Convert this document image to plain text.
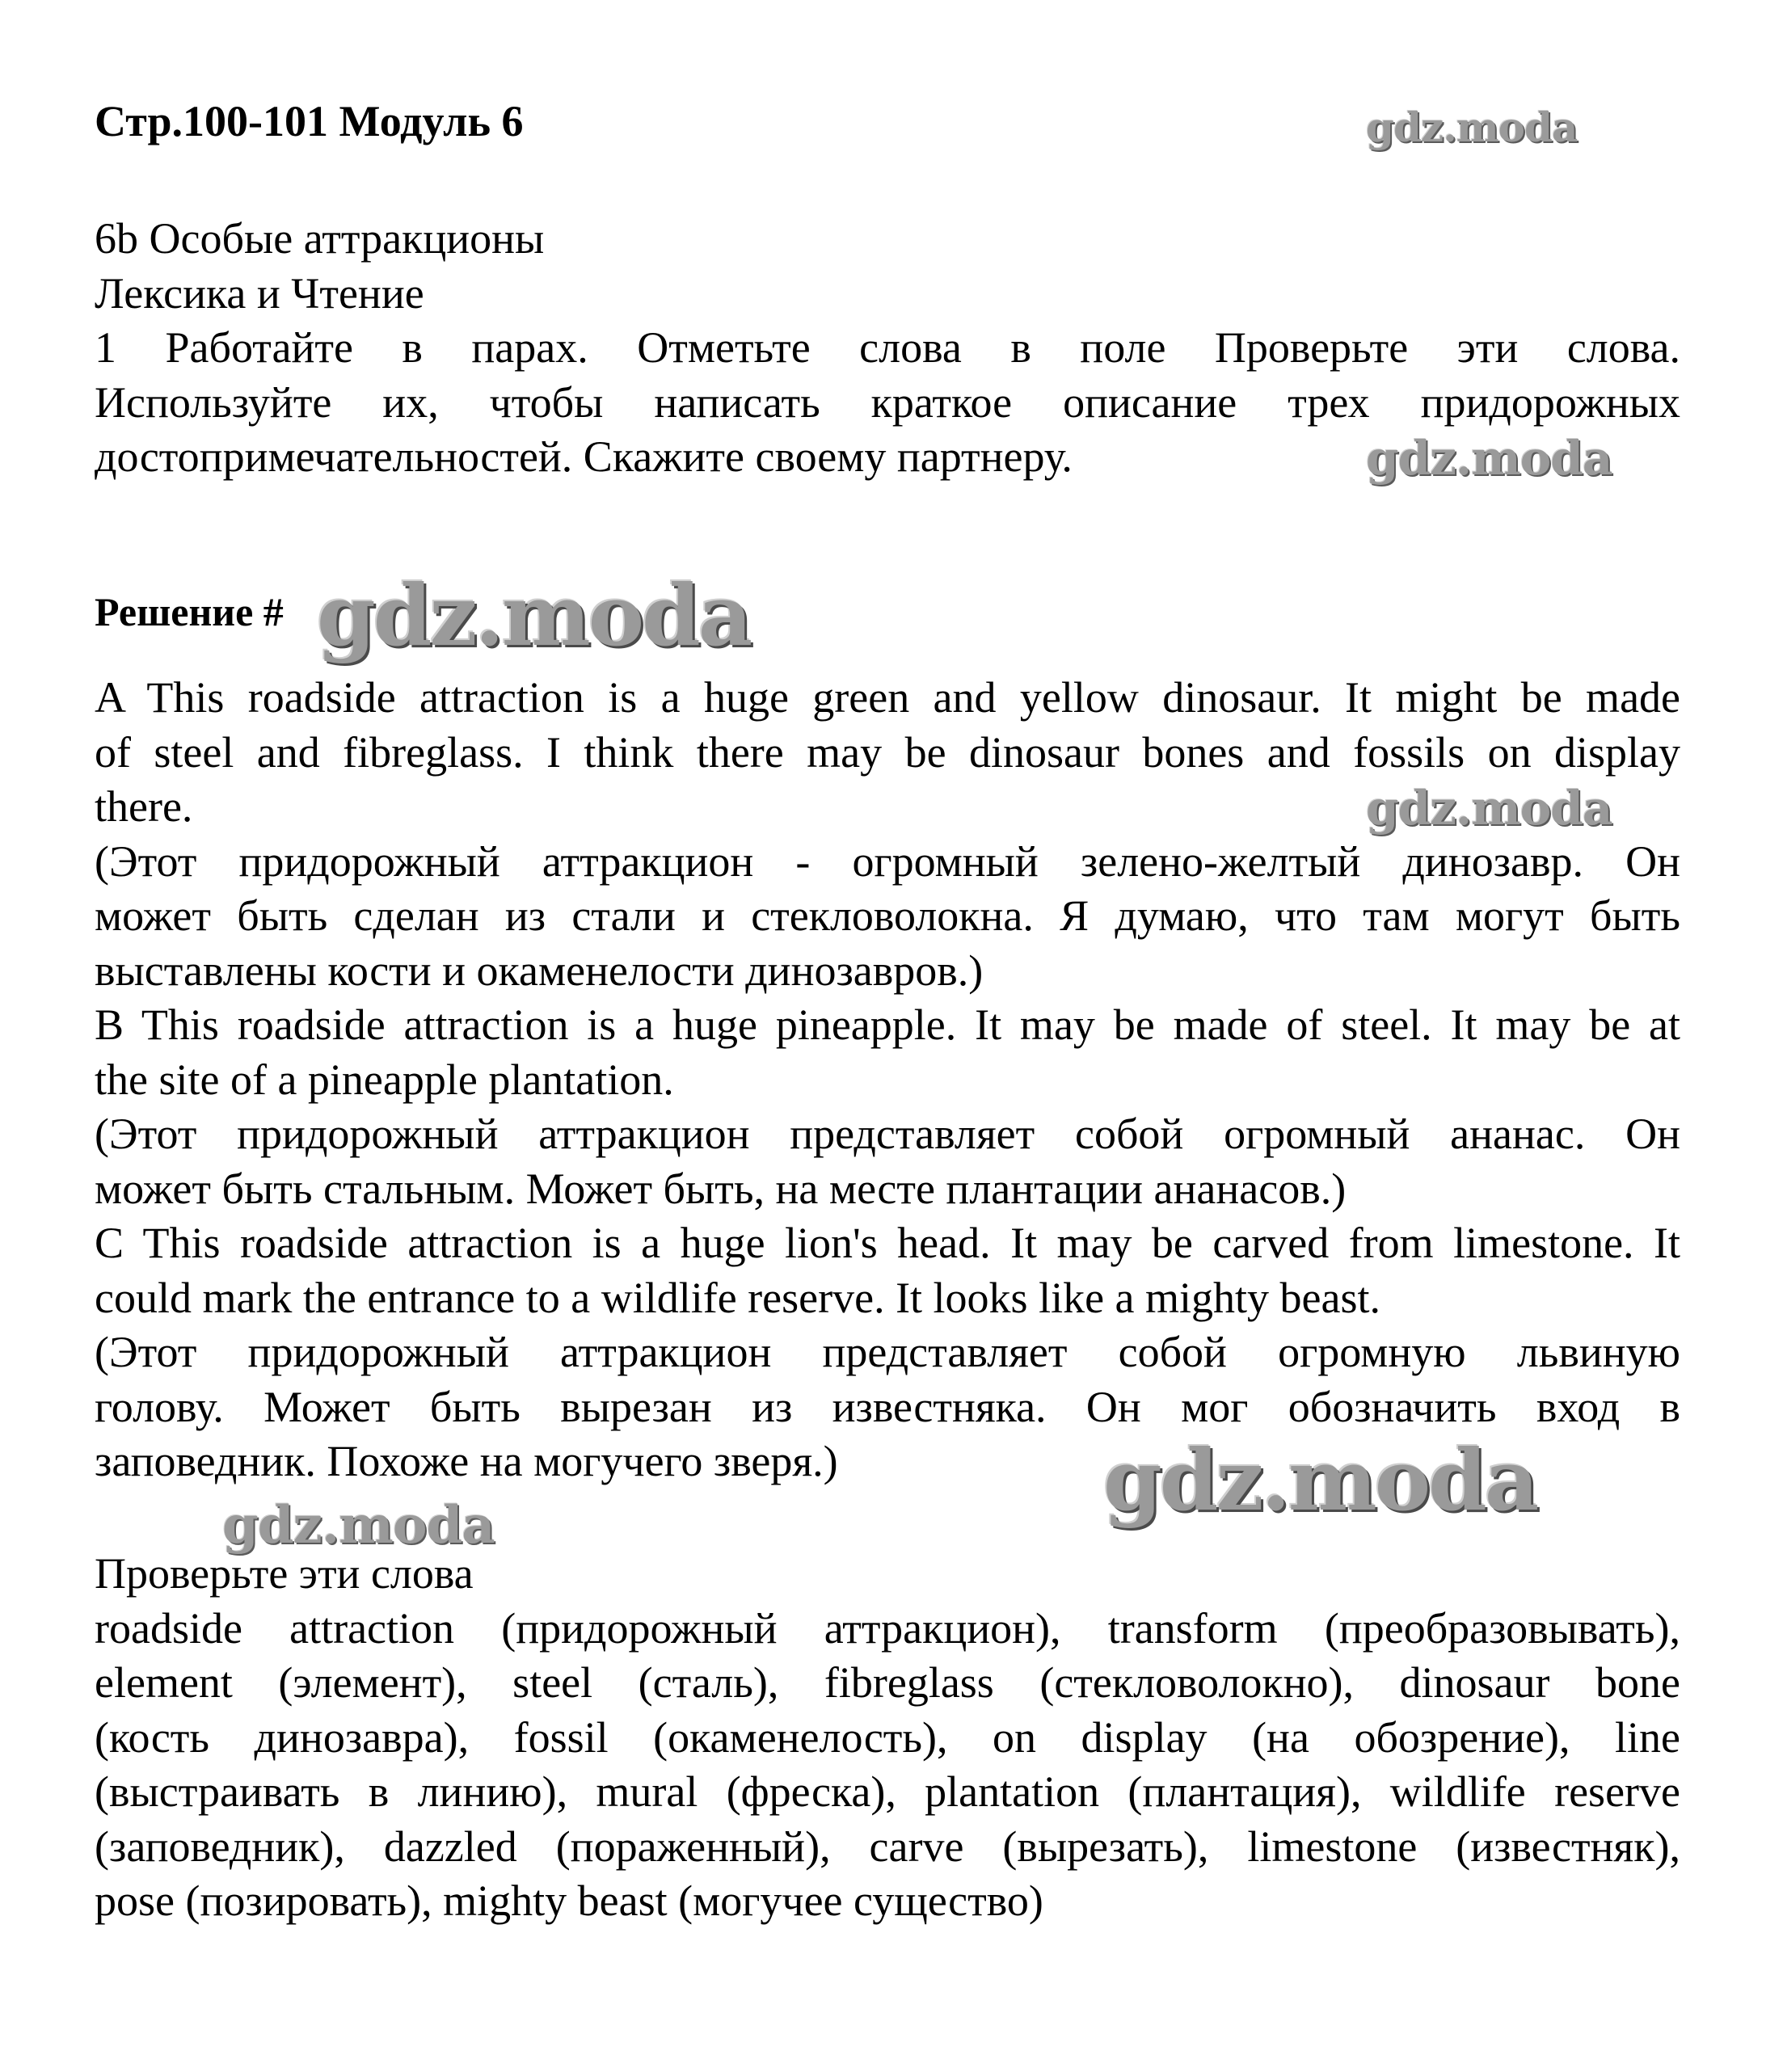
Стр.100-101 Модуль 6
6b Особые аттракционы
Лексика и Чтение
1 Работайте в парах. Отметьте слова в поле Проверьте эти слова.
Используйте их, чтобы написать краткое описание трех придорожных
достопримечательностей. Скажите своему партнеру.
Решение #
A This roadside attraction is a huge green and yellow dinosaur. It might be made
of steel and fibreglass. I think there may be dinosaur bones and fossils on display
there.
(Этот придорожный аттракцион - огромный зелено-желтый динозавр. Он
может быть сделан из стали и стекловолокна. Я думаю, что там могут быть
выставлены кости и окаменелости динозавров.)
B This roadside attraction is a huge pineapple. It may be made of steel. It may be at
the site of a pineapple plantation.
(Этот придорожный аттракцион представляет собой огромный ананас. Он
может быть стальным. Может быть, на месте плантации ананасов.)
C This roadside attraction is a huge lion's head. It may be carved from limestone. It
could mark the entrance to a wildlife reserve. It looks like a mighty beast.
(Этот придорожный аттракцион представляет собой огромную львиную
голову. Может быть вырезан из известняка. Он мог обозначить вход в
заповедник. Похоже на могучего зверя.)
Проверьте эти слова
roadside attraction (придорожный аттракцион), transform (преобразовывать),
element (элемент), steel (сталь), fibreglass (стекловолокно), dinosaur bone
(кость динозавра), fossil (окаменелость), on display (на обозрение), line
(выстраивать в линию), mural (фреска), plantation (плантация), wildlife reserve
(заповедник), dazzled (пораженный), carve (вырезать), limestone (известняк),
pose (позировать), mighty beast (могучее существо)
gdz.moda
gdz.moda
gdz.moda
gdz.moda
gdz.moda
gdz.moda
